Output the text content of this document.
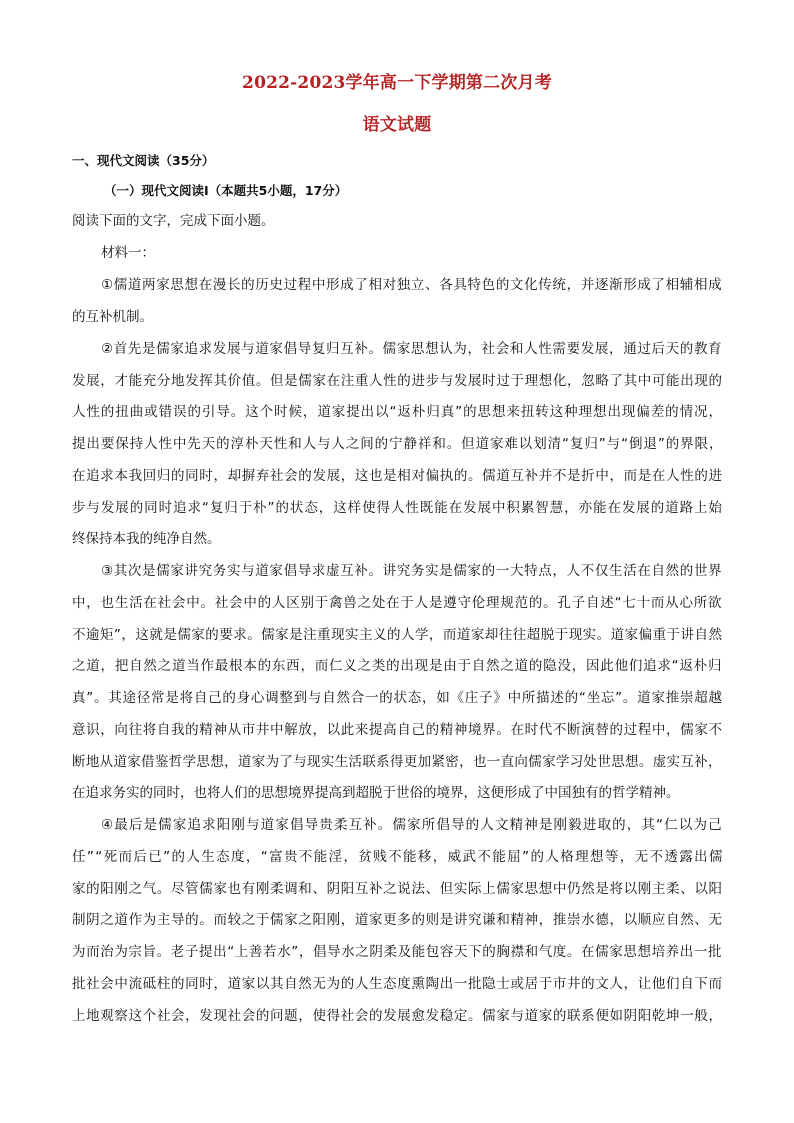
2022-2023学年高一下学期第二次月考
语文试题
一、现代文阅读（35分）
（一）现代文阅读Ⅰ（本题共5小题，17分）
阅读下面的文字，完成下面小题。
材料一：
①儒道两家思想在漫长的历史过程中形成了相对独立、各具特色的文化传统，并逐渐形成了相辅相成
的互补机制。
②首先是儒家追求发展与道家倡导复归互补。儒家思想认为，社会和人性需要发展，通过后天的教育
发展，才能充分地发挥其价值。但是儒家在注重人性的进步与发展时过于理想化，忽略了其中可能出现的
人性的扭曲或错误的引导。这个时候，道家提出以“返朴归真”的思想来扭转这种理想出现偏差的情况，
提出要保持人性中先天的淳朴天性和人与人之间的宁静祥和。但道家难以划清“复归”与“倒退”的界限，
在追求本我回归的同时，却摒弃社会的发展，这也是相对偏执的。儒道互补并不是折中，而是在人性的进
步与发展的同时追求“复归于朴”的状态，这样使得人性既能在发展中积累智慧，亦能在发展的道路上始
终保持本我的纯净自然。
③其次是儒家讲究务实与道家倡导求虚互补。讲究务实是儒家的一大特点，人不仅生活在自然的世界
中，也生活在社会中。社会中的人区别于禽兽之处在于人是遵守伦理规范的。孔子自述“七十而从心所欲
不逾矩”，这就是儒家的要求。儒家是注重现实主义的人学，而道家却往往超脱于现实。道家偏重于讲自然
之道，把自然之道当作最根本的东西，而仁义之类的出现是由于自然之道的隐没，因此他们追求“返朴归
真”。其途径常是将自己的身心调整到与自然合一的状态，如《庄子》中所描述的“坐忘”。道家推崇超越
意识，向往将自我的精神从市井中解放，以此来提高自己的精神境界。在时代不断演替的过程中，儒家不
断地从道家借鉴哲学思想，道家为了与现实生活联系得更加紧密，也一直向儒家学习处世思想。虚实互补，
在追求务实的同时，也将人们的思想境界提高到超脱于世俗的境界，这便形成了中国独有的哲学精神。
④最后是儒家追求阳刚与道家倡导贵柔互补。儒家所倡导的人文精神是刚毅进取的，其“仁以为己
任”“死而后已”的人生态度，“富贵不能淫，贫贱不能移，威武不能屈”的人格理想等，无不透露出儒
家的阳刚之气。尽管儒家也有刚柔调和、阴阳互补之说法、但实际上儒家思想中仍然是将以刚主柔、以阳
制阴之道作为主导的。而较之于儒家之阳刚，道家更多的则是讲究谦和精神，推崇水德，以顺应自然、无
为而治为宗旨。老子提出“上善若水”，倡导水之阴柔及能包容天下的胸襟和气度。在儒家思想培养出一批
批社会中流砥柱的同时，道家以其自然无为的人生态度熏陶出一批隐士或居于市井的文人，让他们自下而
上地观察这个社会，发现社会的问题，使得社会的发展愈发稳定。儒家与道家的联系便如阴阳乾坤一般，
